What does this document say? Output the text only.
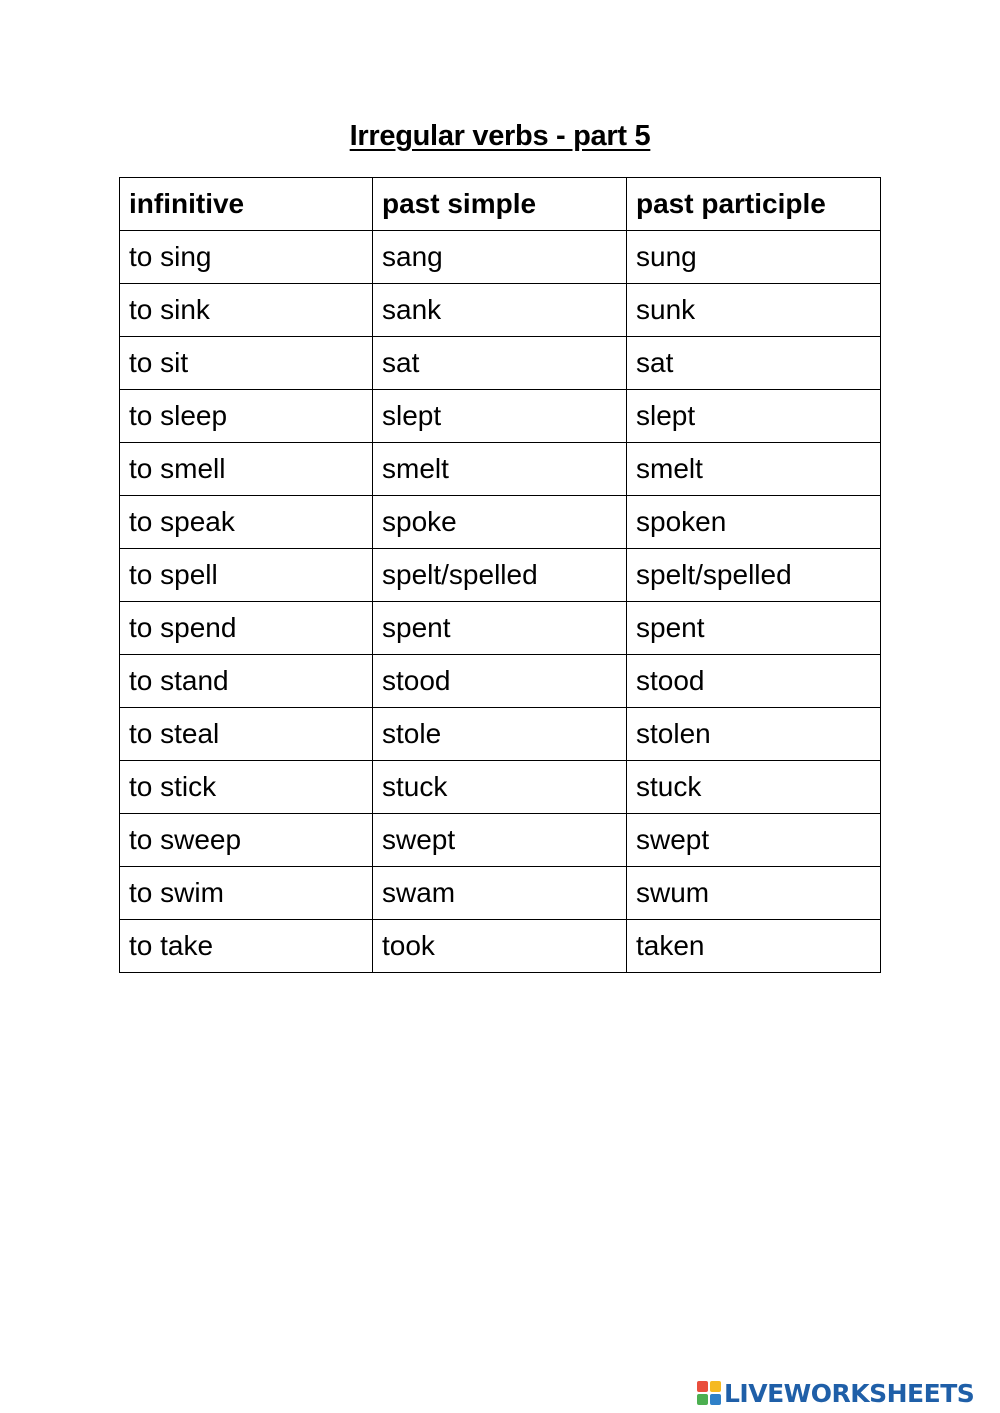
Irregular verbs - part 5
infinitive	past simple	past participle
to sing	sang	sung
to sink	sank	sunk
to sit	sat	sat
to sleep	slept	slept
to smell	smelt	smelt
to speak	spoke	spoken
to spell	spelt/spelled	spelt/spelled
to spend	spent	spent
to stand	stood	stood
to steal	stole	stolen
to stick	stuck	stuck
to sweep	swept	swept
to swim	swam	swum
to take	took	taken
LIVEWORKSHEETS
